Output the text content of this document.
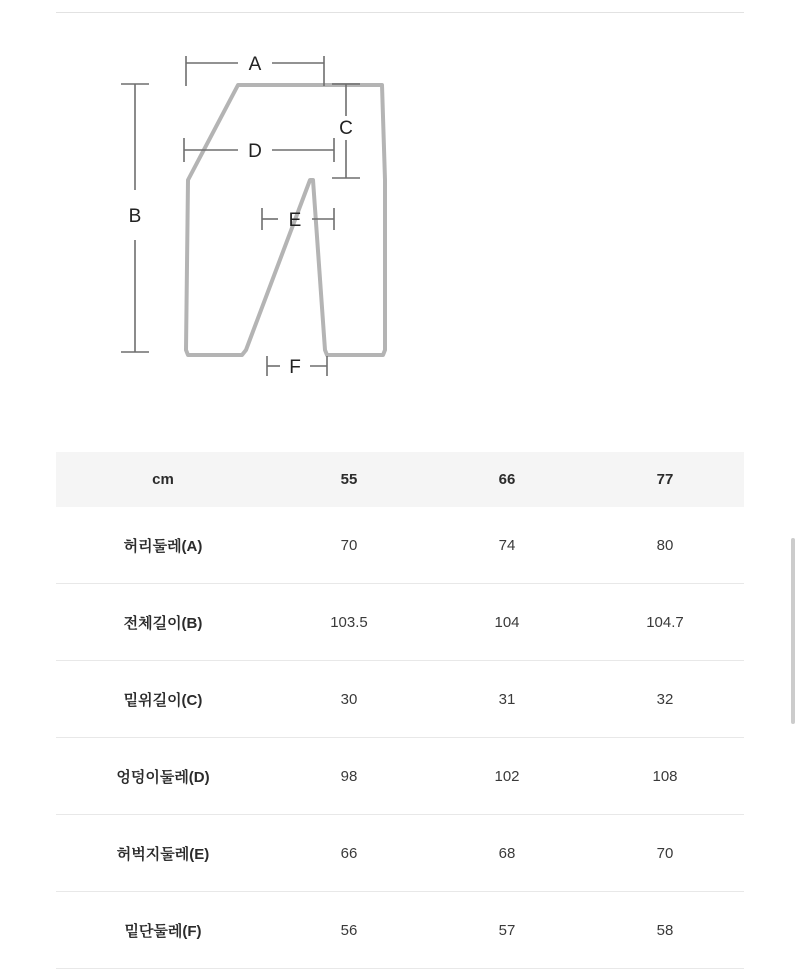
A
B
C
D
E
F
cm	55	66	77
허리둘레(A)	70	74	80
전체길이(B)	103.5	104	104.7
밑위길이(C)	30	31	32
엉덩이둘레(D)	98	102	108
허벅지둘레(E)	66	68	70
밑단둘레(F)	56	57	58
